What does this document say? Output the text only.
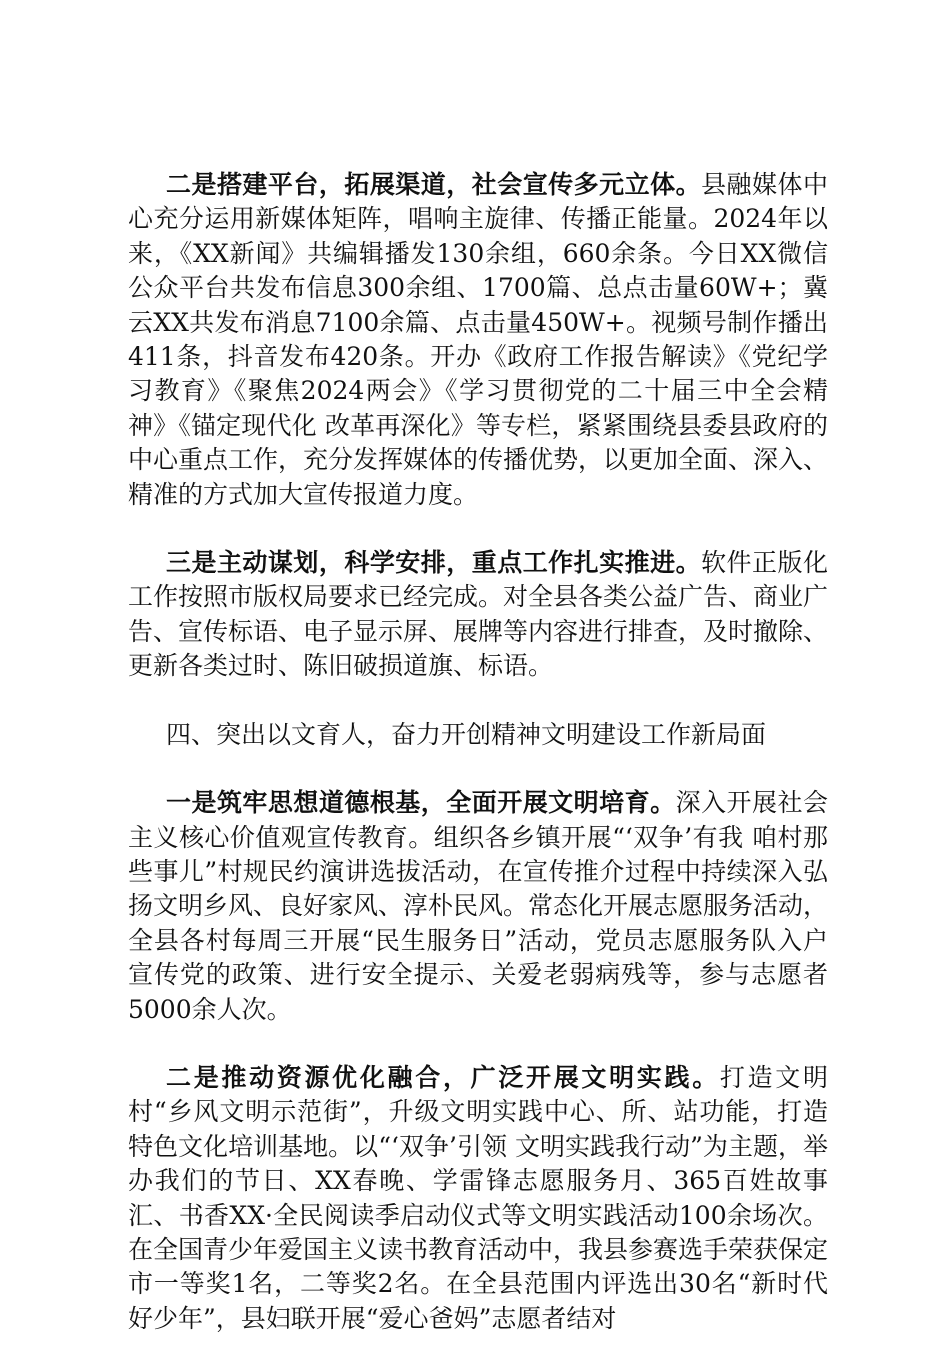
二是搭建平台，拓展渠道，社会宣传多元立体。县融媒体中心充分运用新媒体矩阵，唱响主旋律、传播正能量。2024年以来，《XX新闻》共编辑播发130余组，660余条。今日XX微信公众平台共发布信息300余组、1700篇、总点击量60W+；冀云XX共发布消息7100余篇、点击量450W+。视频号制作播出411条，抖音发布420条。开办《政府工作报告解读》《党纪学习教育》《聚焦2024两会》《学习贯彻党的二十届三中全会精神》《锚定现代化 改革再深化》等专栏，紧紧围绕县委县政府的中心重点工作，充分发挥媒体的传播优势，以更加全面、深入、精准的方式加大宣传报道力度。

三是主动谋划，科学安排，重点工作扎实推进。软件正版化工作按照市版权局要求已经完成。对全县各类公益广告、商业广告、宣传标语、电子显示屏、展牌等内容进行排查，及时撤除、更新各类过时、陈旧破损道旗、标语。

四、突出以文育人，奋力开创精神文明建设工作新局面

一是筑牢思想道德根基，全面开展文明培育。深入开展社会主义核心价值观宣传教育。组织各乡镇开展“‘双争’有我 咱村那些事儿”村规民约演讲选拔活动，在宣传推介过程中持续深入弘扬文明乡风、良好家风、淳朴民风。常态化开展志愿服务活动，全县各村每周三开展“民生服务日”活动，党员志愿服务队入户宣传党的政策、进行安全提示、关爱老弱病残等，参与志愿者5000余人次。

二是推动资源优化融合，广泛开展文明实践。打造文明村“乡风文明示范街”，升级文明实践中心、所、站功能，打造特色文化培训基地。以“‘双争’引领 文明实践我行动”为主题，举办我们的节日、XX春晚、学雷锋志愿服务月、365百姓故事汇、书香XX·全民阅读季启动仪式等文明实践活动100余场次。在全国青少年爱国主义读书教育活动中，我县参赛选手荣获保定市一等奖1名，二等奖2名。在全县范围内评选出30名“新时代好少年”，县妇联开展“爱心爸妈”志愿者结对
